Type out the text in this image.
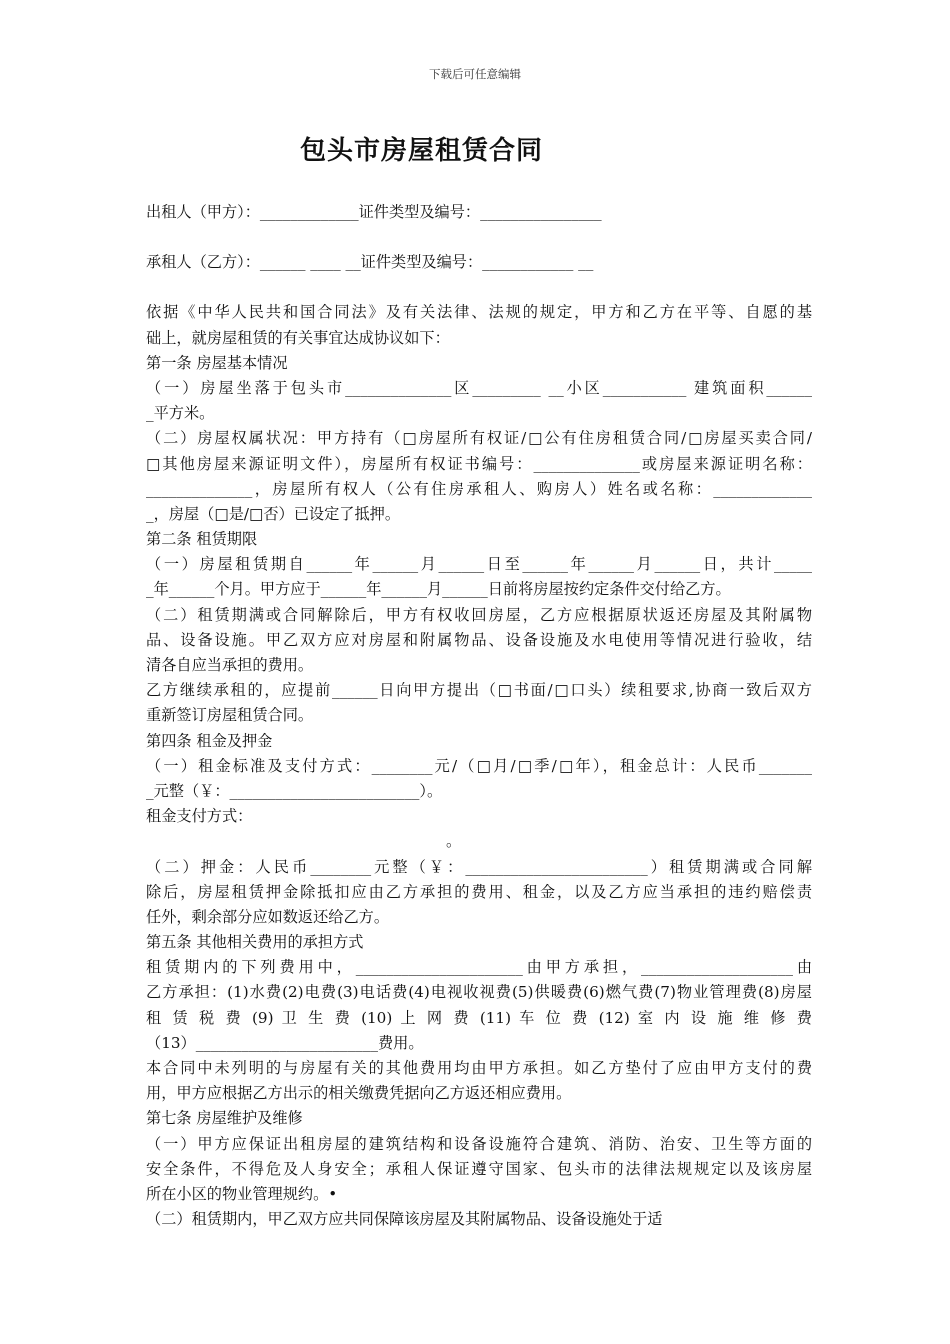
下载后可任意编辑
包头市房屋租赁合同
出租人（甲方）：_____________证件类型及编号：________________
承租人（乙方）：______ ____ __证件类型及编号：____________ __
依据《中华人民共和国合同法》及有关法律、法规的规定，甲方和乙方在平等、自愿的基
础上，就房屋租赁的有关事宜达成协议如下：
第一条 房屋基本情况
（一）房屋坐落于包头市______________区_________ __小区___________ 建筑面积______
_平方米。
（二）房屋权属状况：甲方持有（□房屋所有权证/□公有住房租赁合同/□房屋买卖合同/
□其他房屋来源证明文件），房屋所有权证书编号：______________或房屋来源证明名称：
______________，房屋所有权人（公有住房承租人、购房人）姓名或名称：_____________
_，房屋（□是/□否）已设定了抵押。
第二条 租赁期限
（一）房屋租赁期自______年______月______日至______年______月______日，共计_____
_年______个月。甲方应于______年______月______日前将房屋按约定条件交付给乙方。
（二）租赁期满或合同解除后，甲方有权收回房屋，乙方应根据原状返还房屋及其附属物
品、设备设施。甲乙双方应对房屋和附属物品、设备设施及水电使用等情况进行验收，结
清各自应当承担的费用。
乙方继续承租的，应提前______日向甲方提出（□书面/□口头）续租要求,协商一致后双方
重新签订房屋租赁合同。
第四条 租金及押金
（一）租金标准及支付方式：________元/（□月/□季/□年），租金总计：人民币_______
_元整（￥：_________________________）。
租金支付方式：
。
（二）押金：人民币________元整（￥：________________________）租赁期满或合同解
除后，房屋租赁押金除抵扣应由乙方承担的费用、租金，以及乙方应当承担的违约赔偿责
任外，剩余部分应如数返还给乙方。
第五条 其他相关费用的承担方式
租赁期内的下列费用中，______________________由甲方承担，____________________由
乙方承担：(1)水费(2)电费(3)电话费(4)电视收视费(5)供暖费(6)燃气费(7)物业管理费(8)房屋
租 赁 税 费 (9) 卫 生 费 (10) 上 网 费 (11) 车 位 费 (12) 室 内 设 施 维 修 费
（13）________________________费用。
本合同中未列明的与房屋有关的其他费用均由甲方承担。如乙方垫付了应由甲方支付的费
用，甲方应根据乙方出示的相关缴费凭据向乙方返还相应费用。
第七条 房屋维护及维修
（一）甲方应保证出租房屋的建筑结构和设备设施符合建筑、消防、治安、卫生等方面的
安全条件，不得危及人身安全；承租人保证遵守国家、包头市的法律法规规定以及该房屋
所在小区的物业管理规约。•
（二）租赁期内，甲乙双方应共同保障该房屋及其附属物品、设备设施处于适
